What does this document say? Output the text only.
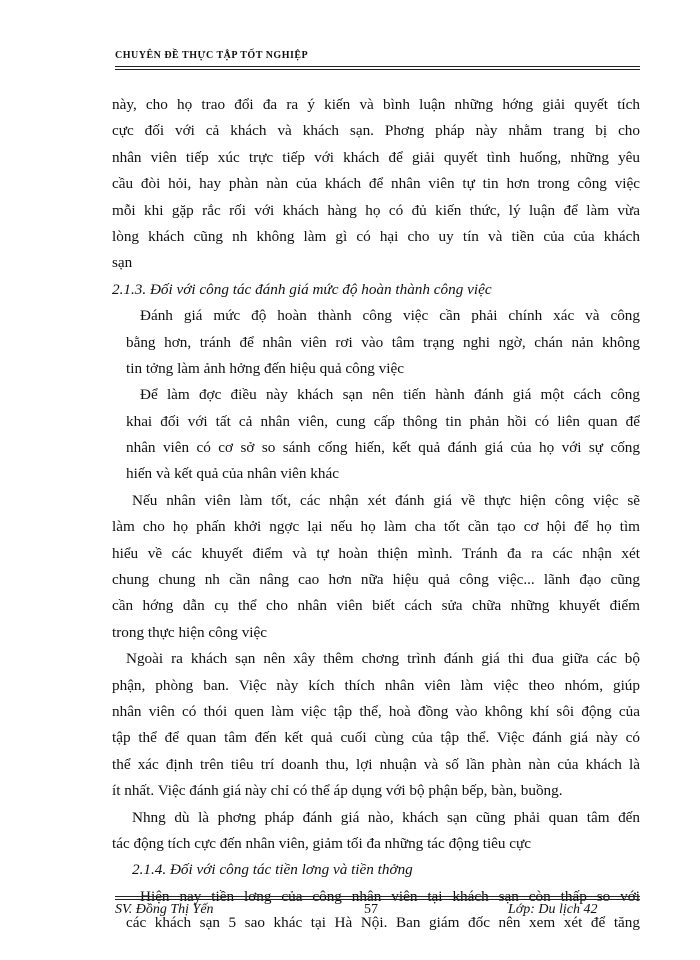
CHUYÊN ĐỀ THỰC TẬP TỐT NGHIỆP
này, cho họ trao đổi đa ra ý kiến và bình luận những hớng giải quyết tích
cực đối với cả khách và khách sạn. Phơng pháp này nhằm trang bị cho
nhân viên tiếp xúc trực tiếp với khách để giải quyết tình huống, những yêu
cầu đòi hỏi, hay phàn nàn của khách để nhân viên tự tin hơn trong công việc
mỗi khi gặp rắc rối với khách hàng họ có đủ kiến thức, lý luận để làm vừa
lòng khách cũng nh không làm gì có hại cho uy tín và tiền của của khách
sạn
2.1.3. Đối với công tác đánh giá mức độ hoàn thành công việc
Đánh giá mức độ hoàn thành công việc cần phải chính xác và công
bằng hơn, tránh để nhân viên rơi vào tâm trạng nghi ngờ, chán nản không
tin tởng làm ảnh hởng đến hiệu quả công việc
Để làm đợc điều này khách sạn nên tiến hành đánh giá một cách công
khai đối với tất cả nhân viên, cung cấp thông tin phản hồi có liên quan để
nhân viên có cơ sở so sánh cống hiến, kết quả đánh giá của họ với sự cống
hiến và kết quả của nhân viên khác
Nếu nhân viên làm tốt, các nhận xét đánh giá về thực hiện công việc sẽ
làm cho họ phấn khởi ngợc lại nếu họ làm cha tốt cần tạo cơ hội để họ tìm
hiểu về các khuyết điểm và tự hoàn thiện mình. Tránh đa ra các nhận xét
chung chung nh cần nâng cao hơn nữa hiệu quả công việc... lãnh đạo cũng
cần hớng dẫn cụ thể cho nhân viên biết cách sửa chữa những khuyết điểm
trong thực hiện công việc
Ngoài ra khách sạn nên xây thêm chơng trình đánh giá thi đua giữa các bộ
phận, phòng ban. Việc này kích thích nhân viên làm việc theo nhóm, giúp
nhân viên có thói quen làm việc tập thể, hoà đồng vào không khí sôi động của
tập thể để quan tâm đến kết quả cuối cùng của tập thể. Việc đánh giá này có
thể xác định trên tiêu trí doanh thu, lợi nhuận và số lần phàn nàn của khách là
ít nhất. Việc đánh giá này chỉ có thể áp dụng với bộ phận bếp, bàn, buồng.
Nhng dù là phơng pháp đánh giá nào, khách sạn cũng phải quan tâm đến
tác động tích cực đến nhân viên, giảm tối đa những tác động tiêu cực
2.1.4. Đối với công tác tiền lơng và tiền thởng
Hiện nay tiền lơng của công nhân viên tại khách sạn còn thấp so với
các khách sạn 5 sao khác tại Hà Nội. Ban giám đốc nên xem xét để tăng
SV. Đồng Thị Yến	57	Lớp: Du lịch 42
